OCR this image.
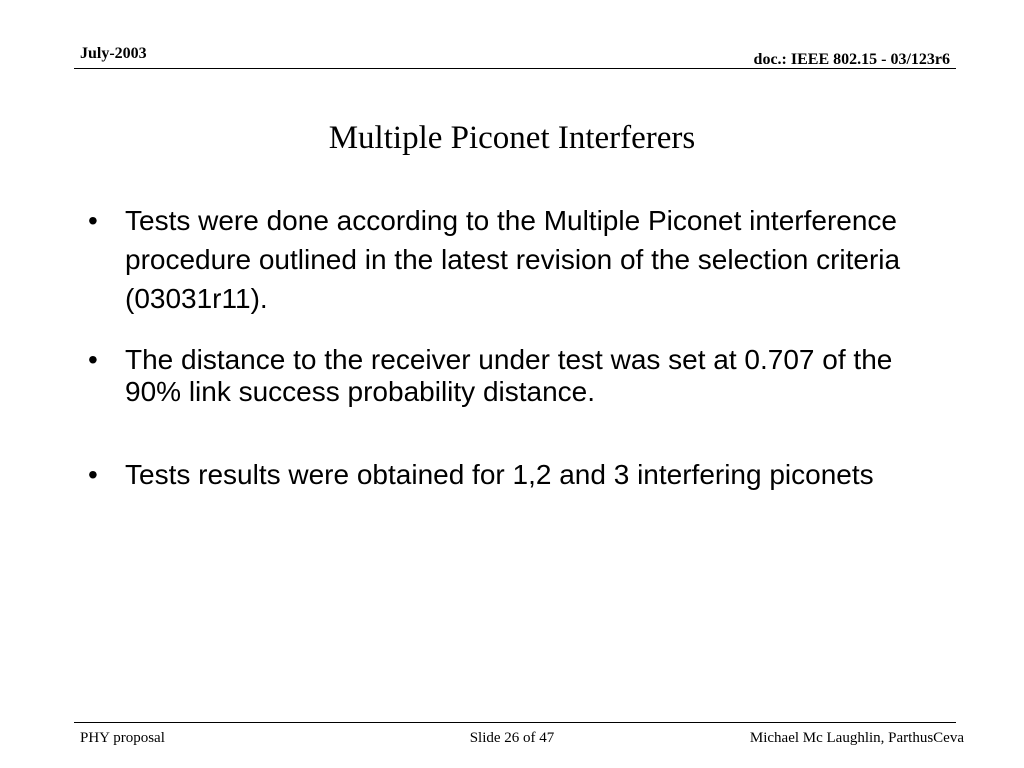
July-2003	doc.: IEEE 802.15 - 03/123r6
Multiple Piconet Interferers
• Tests were done according to the Multiple Piconet interference procedure outlined in the latest revision of the selection criteria (03031r11).
• The distance to the receiver under test was set at 0.707 of the 90% link success probability distance.
• Tests results were obtained for 1,2 and 3 interfering piconets
PHY proposal	Slide 26 of 47	Michael Mc Laughlin, ParthusCeva
